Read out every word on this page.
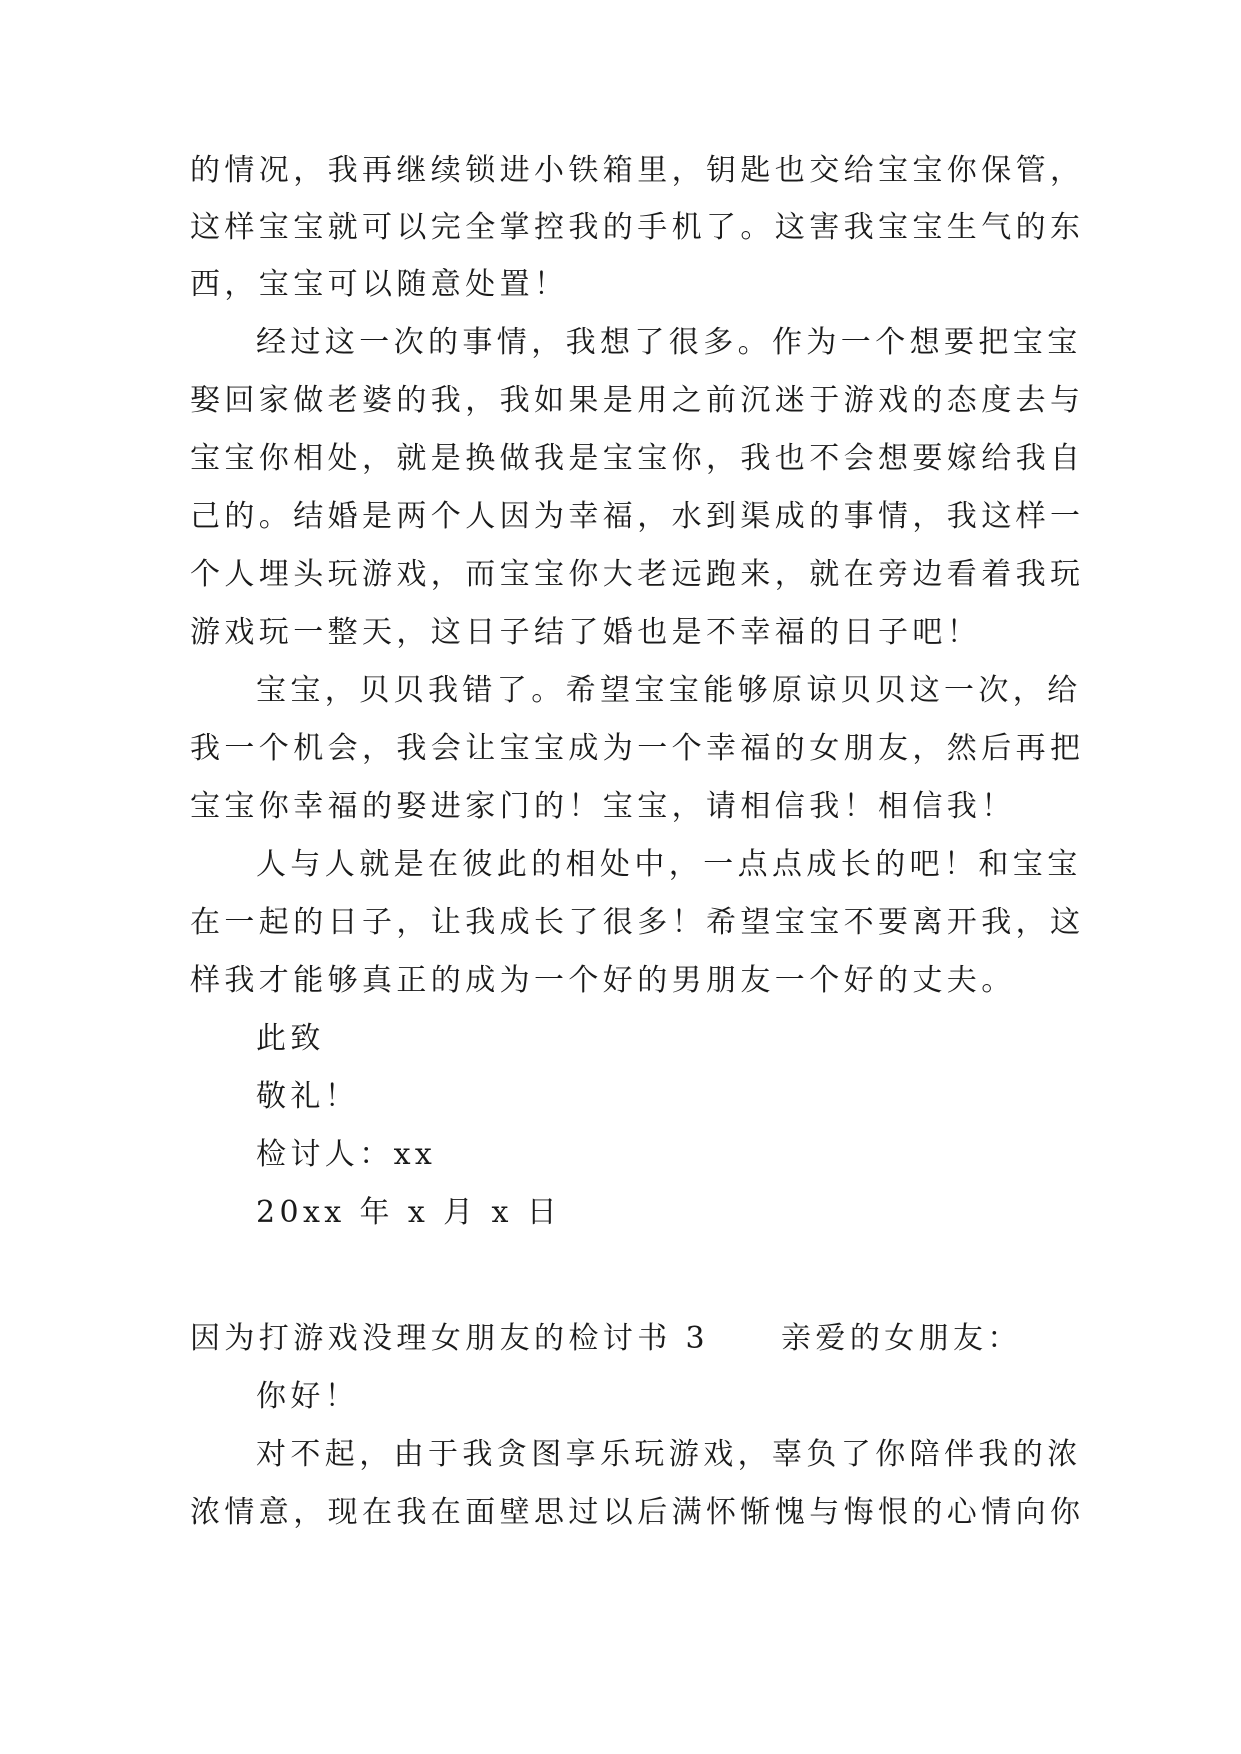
的情况，我再继续锁进小铁箱里，钥匙也交给宝宝你保管，

这样宝宝就可以完全掌控我的手机了。这害我宝宝生气的东

西，宝宝可以随意处置！

经过这一次的事情，我想了很多。作为一个想要把宝宝

娶回家做老婆的我，我如果是用之前沉迷于游戏的态度去与

宝宝你相处，就是换做我是宝宝你，我也不会想要嫁给我自

己的。结婚是两个人因为幸福，水到渠成的事情，我这样一

个人埋头玩游戏，而宝宝你大老远跑来，就在旁边看着我玩

游戏玩一整天，这日子结了婚也是不幸福的日子吧！

宝宝，贝贝我错了。希望宝宝能够原谅贝贝这一次，给

我一个机会，我会让宝宝成为一个幸福的女朋友，然后再把

宝宝你幸福的娶进家门的！宝宝，请相信我！相信我！

人与人就是在彼此的相处中，一点点成长的吧！和宝宝

在一起的日子，让我成长了很多！希望宝宝不要离开我，这

样我才能够真正的成为一个好的男朋友一个好的丈夫。

此致

敬礼！

检讨人：xx

20xx 年 x 月 x 日

因为打游戏没理女朋友的检讨书 3 亲爱的女朋友：

你好！

对不起，由于我贪图享乐玩游戏，辜负了你陪伴我的浓

浓情意，现在我在面壁思过以后满怀惭愧与悔恨的心情向你
